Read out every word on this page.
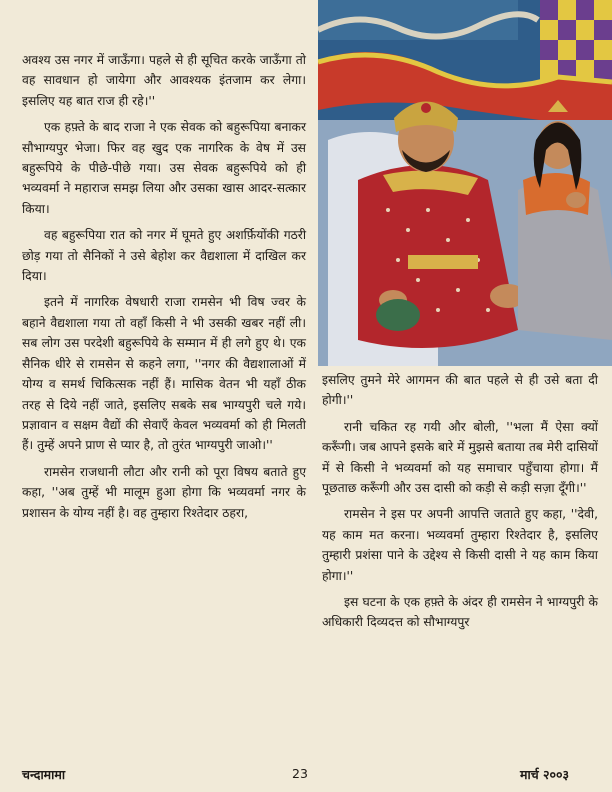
अवश्य उस नगर में जाऊँगा। पहले से ही सूचित करके जाऊँगा तो वह सावधान हो जायेगा और आवश्यक इंतजाम कर लेगा। इसलिए यह बात राज ही रहे।''

एक हफ़्ते के बाद राजा ने एक सेवक को बहुरूपिया बनाकर सौभाग्यपुर भेजा। फिर वह खुद एक नागरिक के वेष में उस बहुरूपिये के पीछे-पीछे गया। उस सेवक बहुरूपिये को ही भव्यवर्मा ने महाराज समझ लिया और उसका खास आदर-सत्कार किया।

वह बहुरूपिया रात को नगर में घूमते हुए अशर्फ़ियोंकी गठरी छोड़ गया तो सैनिकों ने उसे बेहोश कर वैद्यशाला में दाखिल कर दिया।

इतने में नागरिक वेषधारी राजा रामसेन भी विष ज्वर के बहाने वैद्यशाला गया तो वहाँ किसी ने भी उसकी खबर नहीं ली। सब लोग उस परदेशी बहुरूपिये के सम्मान में ही लगे हुए थे। एक सैनिक धीरे से रामसेन से कहने लगा, ''नगर की वैद्यशालाओं में योग्य व समर्थ चिकित्सक नहीं हैं। मासिक वेतन भी यहाँ ठीक तरह से दिये नहीं जाते, इसलिए सबके सब भाग्यपुरी चले गये। प्रज्ञावान व सक्षम वैद्यों की सेवाएँ केवल भव्यवर्मा को ही मिलती हैं। तुम्हें अपने प्राण से प्यार है, तो तुरंत भाग्यपुरी जाओ।''

रामसेन राजधानी लौटा और रानी को पूरा विषय बताते हुए कहा, ''अब तुम्हें भी मालूम हुआ होगा कि भव्यवर्मा नगर के प्रशासन के योग्य नहीं है। वह तुम्हारा रिश्तेदार ठहरा,

इसलिए तुमने मेरे आगमन की बात पहले से ही उसे बता दी होगी।''

रानी चकित रह गयी और बोली, ''भला मैं ऐसा क्यों करूँगी। जब आपने इसके बारे में मुझसे बताया तब मेरी दासियों में से किसी ने भव्यवर्मा को यह समाचार पहुँचाया होगा। मैं पूछताछ करूँगी और उस दासी को कड़ी से कड़ी सज़ा दूँगी।''

रामसेन ने इस पर अपनी आपत्ति जताते हुए कहा, ''देवी, यह काम मत करना। भव्यवर्मा तुम्हारा रिश्तेदार है, इसलिए तुम्हारी प्रशंसा पाने के उद्देश्य से किसी दासी ने यह काम किया होगा।''

इस घटना के एक हफ़्ते के अंदर ही रामसेन ने भाग्यपुरी के अधिकारी दिव्यदत्त को सौभाग्यपुर

चन्दामामा	23	मार्च २००३
